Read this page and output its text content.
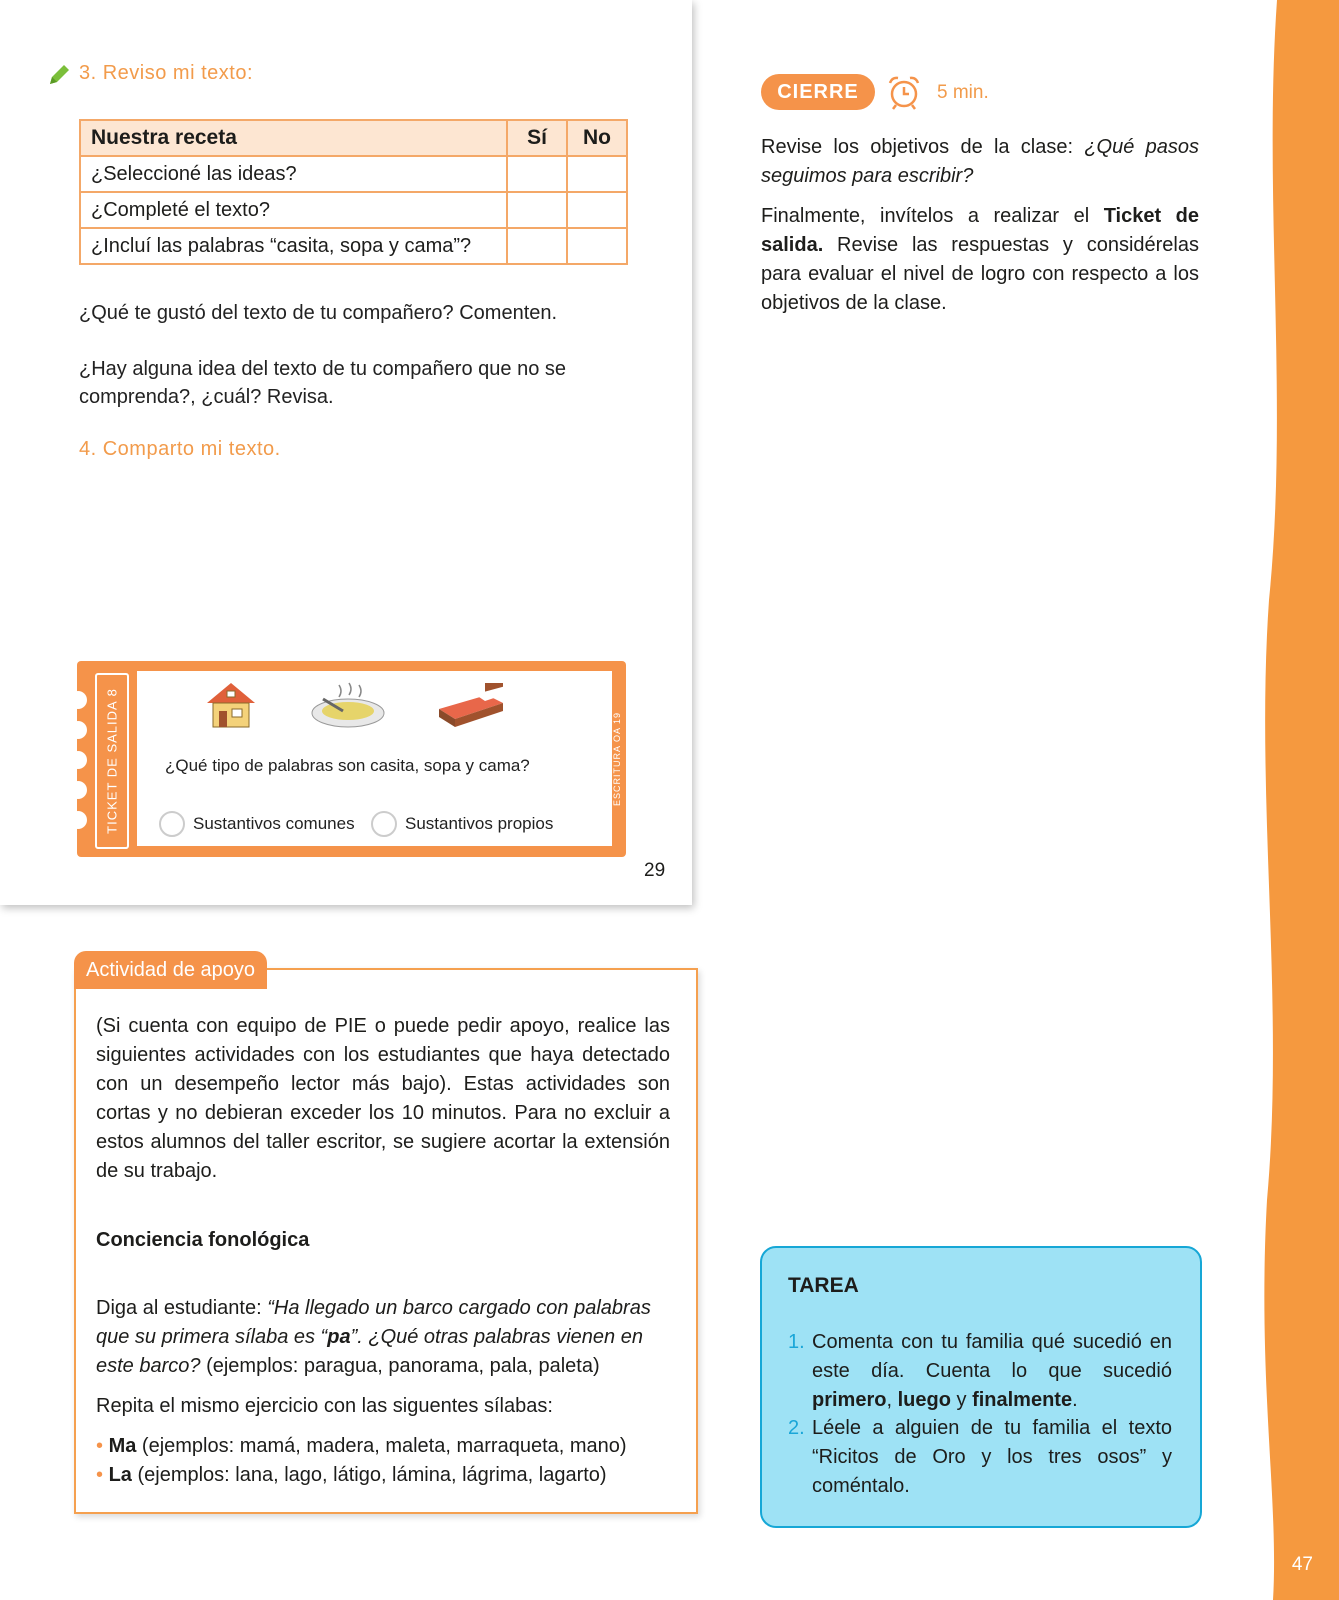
47
3. Reviso mi texto:
Nuestra receta	Sí	No
¿Seleccioné las ideas?		
¿Completé el texto?		
¿Incluí las palabras “casita, sopa y cama”?		
¿Qué te gustó del texto de tu compañero? Comenten.
¿Hay alguna idea del texto de tu compañero que no se
comprenda?, ¿cuál? Revisa.
4. Comparto mi texto.
TICKET DE SALIDA 8	ESCRITURA OA 19
¿Qué tipo de palabras son casita, sopa y cama?
Sustantivos comunes	Sustantivos propios
29
CIERRE	5 min.
Revise los objetivos de la clase: ¿Qué pasos seguimos para escribir?
Finalmente, invítelos a realizar el Ticket de salida. Revise las respuestas y considérelas para evaluar el nivel de logro con respecto a los objetivos de la clase.
Actividad de apoyo
(Si cuenta con equipo de PIE o puede pedir apoyo, realice las siguientes actividades con los estudiantes que haya detectado con un desempeño lector más bajo). Estas actividades son cortas y no debieran exceder los 10 minutos. Para no excluir a estos alumnos del taller escritor, se sugiere acortar la extensión de su trabajo.
Conciencia fonológica
Diga al estudiante: “Ha llegado un barco cargado con palabras que su primera sílaba es “pa”. ¿Qué otras palabras vienen en este barco? (ejemplos: paragua, panorama, pala, paleta)
Repita el mismo ejercicio con las siguentes sílabas:
• Ma (ejemplos: mamá, madera, maleta, marraqueta, mano)
• La (ejemplos: lana, lago, látigo, lámina, lágrima, lagarto)
TAREA
1. Comenta con tu familia qué sucedió en este día. Cuenta lo que sucedió primero, luego y finalmente.
2. Léele a alguien de tu familia el texto “Ricitos de Oro y los tres osos” y coméntalo.
